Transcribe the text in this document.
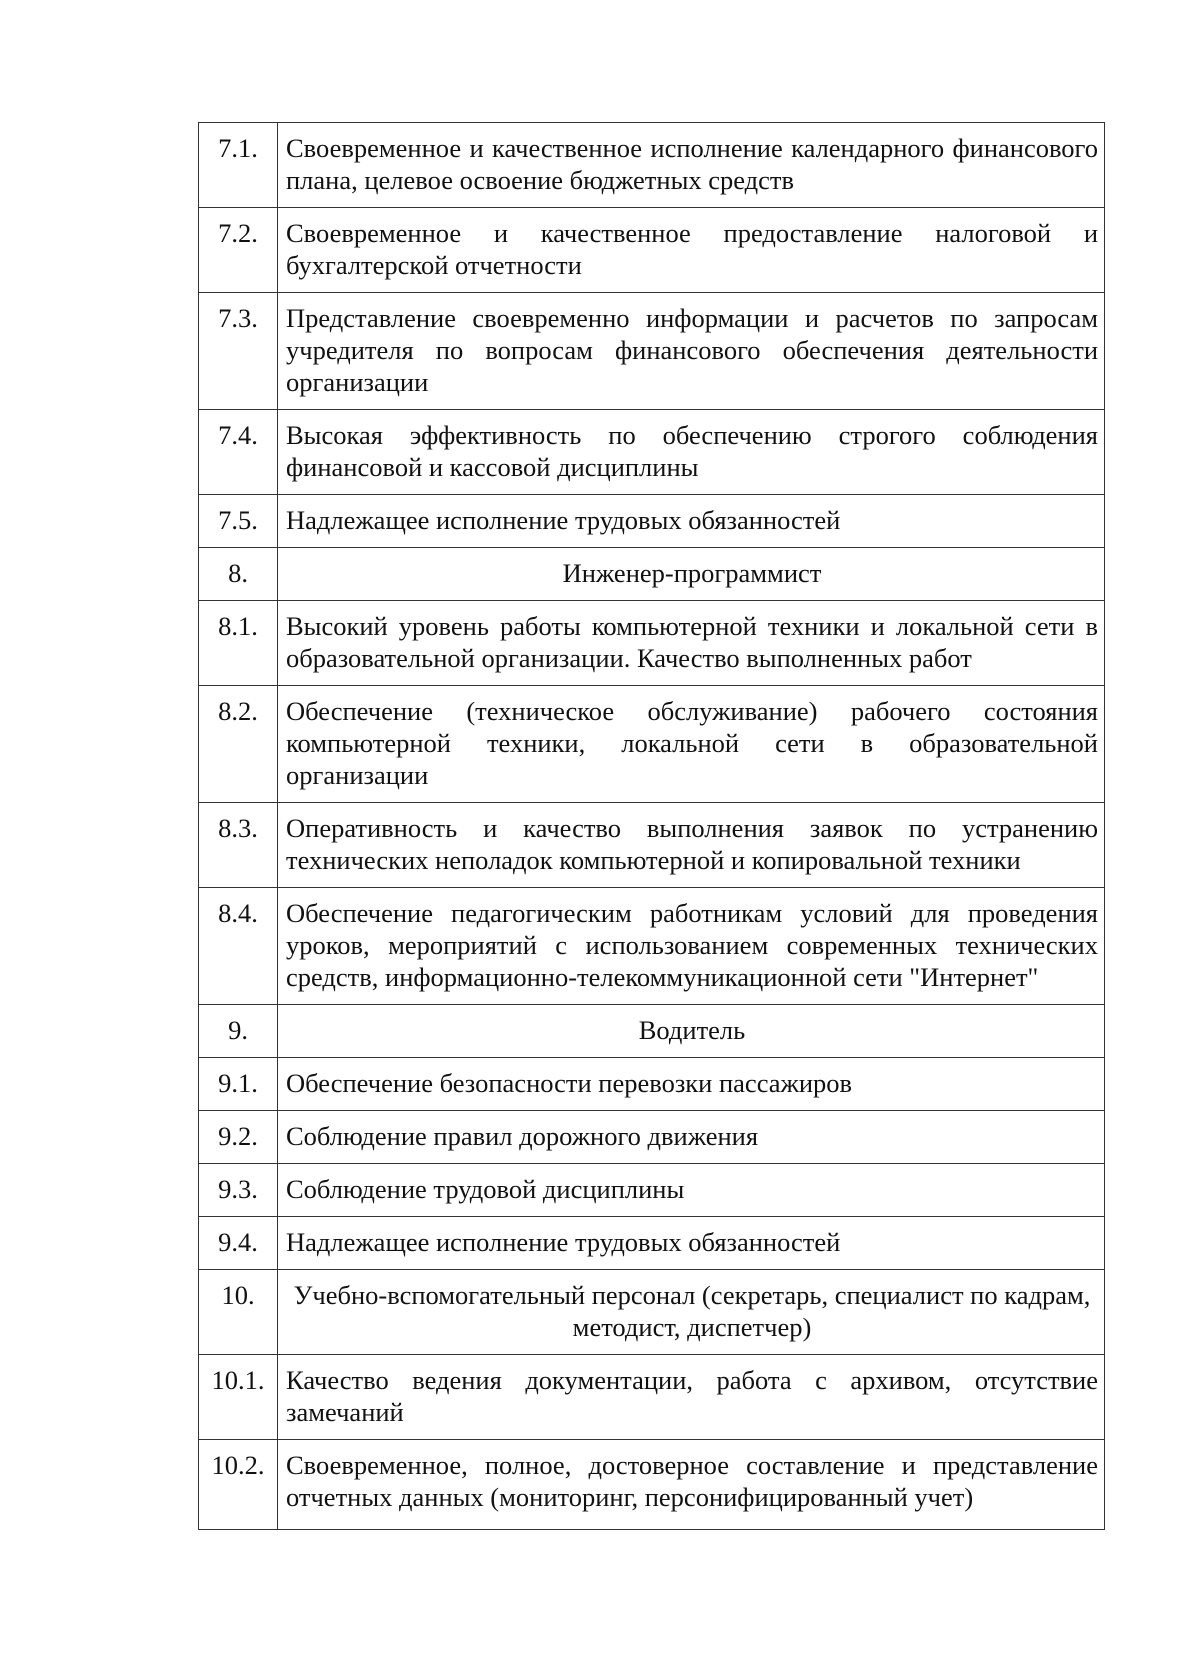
7.1.	Своевременное и качественное исполнение календарного финансового плана, целевое освоение бюджетных средств
7.2.	Своевременное и качественное предоставление налоговой и бухгалтерской отчетности
7.3.	Представление своевременно информации и расчетов по запросам учредителя по вопросам финансового обеспечения деятельности организации
7.4.	Высокая эффективность по обеспечению строгого соблюдения финансовой и кассовой дисциплины
7.5.	Надлежащее исполнение трудовых обязанностей
8.	Инженер-программист
8.1.	Высокий уровень работы компьютерной техники и локальной сети в образовательной организации. Качество выполненных работ
8.2.	Обеспечение (техническое обслуживание) рабочего состояния компьютерной техники, локальной сети в образовательной организации
8.3.	Оперативность и качество выполнения заявок по устранению технических неполадок компьютерной и копировальной техники
8.4.	Обеспечение педагогическим работникам условий для проведения уроков, мероприятий с использованием современных технических средств, информационно-телекоммуникационной сети "Интернет"
9.	Водитель
9.1.	Обеспечение безопасности перевозки пассажиров
9.2.	Соблюдение правил дорожного движения
9.3.	Соблюдение трудовой дисциплины
9.4.	Надлежащее исполнение трудовых обязанностей
10.	Учебно-вспомогательный персонал (секретарь, специалист по кадрам, методист, диспетчер)
10.1.	Качество ведения документации, работа с архивом, отсутствие замечаний
10.2.	Своевременное, полное, достоверное составление и представление отчетных данных (мониторинг, персонифицированный учет)
